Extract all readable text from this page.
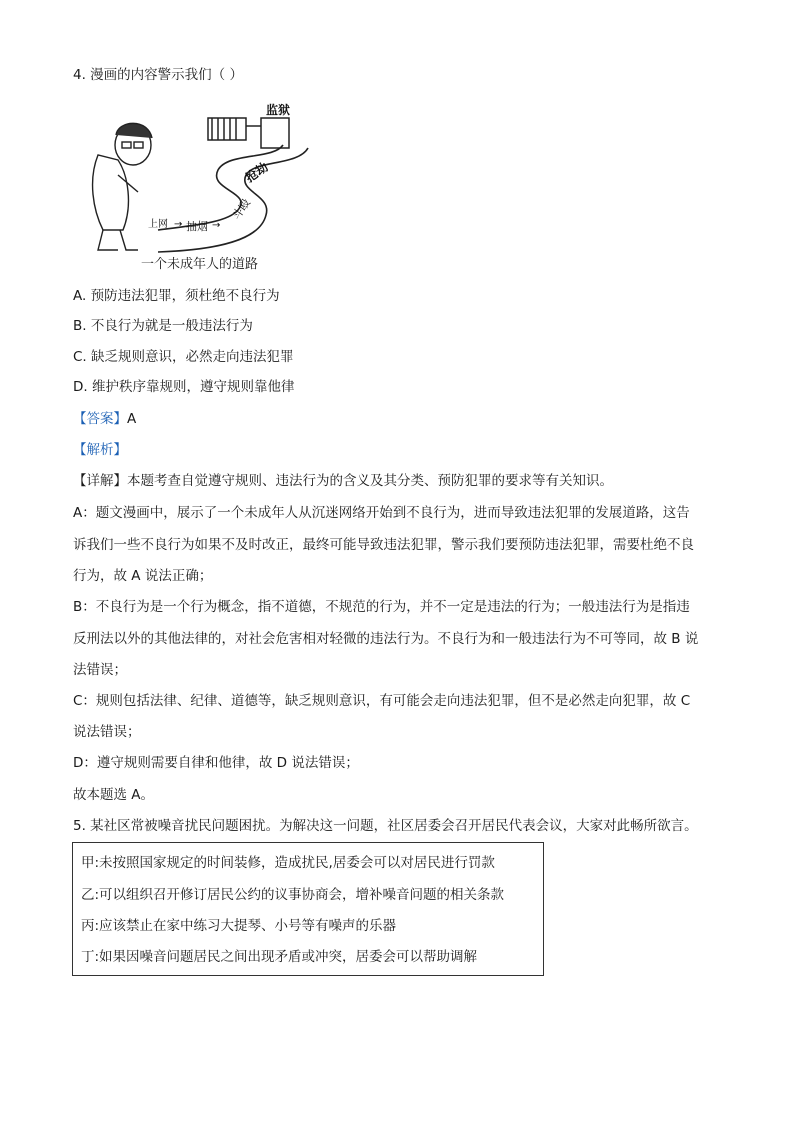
4. 漫画的内容警示我们（ ）
监狱
上网 → 抽烟 →
斗殴
抢劫
一个未成年人的道路
A. 预防违法犯罪，须杜绝不良行为
B. 不良行为就是一般违法行为
C. 缺乏规则意识，必然走向违法犯罪
D. 维护秩序靠规则，遵守规则靠他律
【答案】A
【解析】
【详解】本题考查自觉遵守规则、违法行为的含义及其分类、预防犯罪的要求等有关知识。
A：题文漫画中，展示了一个未成年人从沉迷网络开始到不良行为，进而导致违法犯罪的发展道路，这告
诉我们一些不良行为如果不及时改正，最终可能导致违法犯罪，警示我们要预防违法犯罪，需要杜绝不良
行为，故 A 说法正确；
B：不良行为是一个行为概念，指不道德，不规范的行为，并不一定是违法的行为；一般违法行为是指违
反刑法以外的其他法律的，对社会危害相对轻微的违法行为。不良行为和一般违法行为不可等同，故 B 说
法错误；
C：规则包括法律、纪律、道德等，缺乏规则意识，有可能会走向违法犯罪，但不是必然走向犯罪，故 C
说法错误；
D：遵守规则需要自律和他律，故 D 说法错误；
故本题选 A。
5. 某社区常被噪音扰民问题困扰。为解决这一问题，社区居委会召开居民代表会议，大家对此畅所欲言。
甲:未按照国家规定的时间装修，造成扰民,居委会可以对居民进行罚款
乙:可以组织召开修订居民公约的议事协商会，增补噪音问题的相关条款
丙:应该禁止在家中练习大提琴、小号等有噪声的乐器
丁:如果因噪音问题居民之间出现矛盾或冲突，居委会可以帮助调解
